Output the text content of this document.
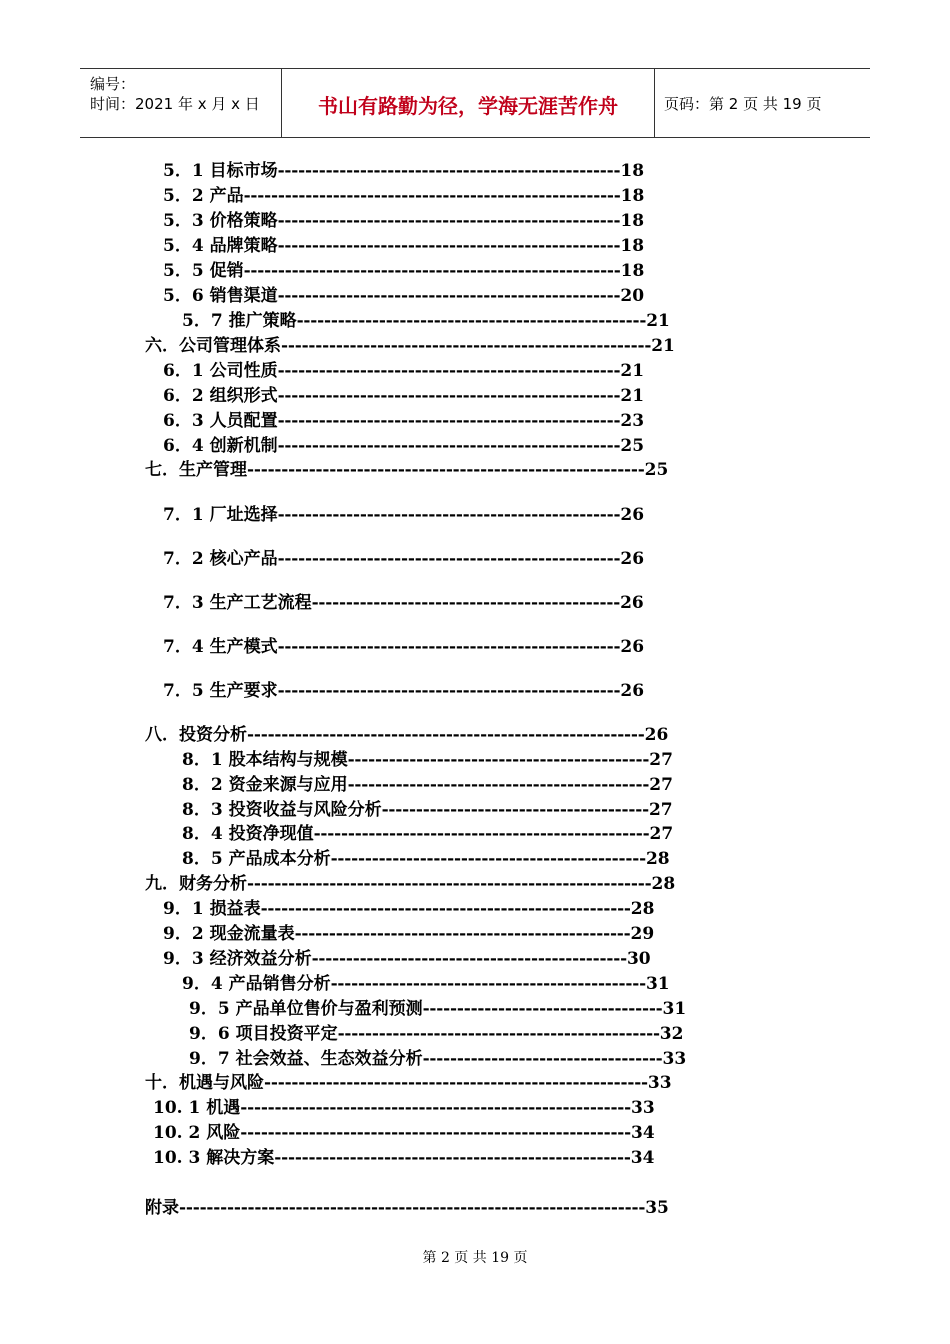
编号：
时间：2021 年 x 月 x 日	书山有路勤为径，学海无涯苦作舟	页码：第 2 页 共 19 页
5．1 目标市场--------------------------------------------------18
5．2 产品-------------------------------------------------------18
5．3 价格策略--------------------------------------------------18
5．4 品牌策略--------------------------------------------------18
5．5 促销-------------------------------------------------------18
5．6 销售渠道--------------------------------------------------20
5．7 推广策略---------------------------------------------------21
六．公司管理体系------------------------------------------------------21
6．1 公司性质--------------------------------------------------21
6．2 组织形式--------------------------------------------------21
6．3 人员配置--------------------------------------------------23
6．4 创新机制--------------------------------------------------25
七．生产管理----------------------------------------------------------25
7．1 厂址选择--------------------------------------------------26
7．2 核心产品--------------------------------------------------26
7．3 生产工艺流程---------------------------------------------26
7．4 生产模式--------------------------------------------------26
7．5 生产要求--------------------------------------------------26
八．投资分析----------------------------------------------------------26
8．1 股本结构与规模--------------------------------------------27
8．2 资金来源与应用--------------------------------------------27
8．3 投资收益与风险分析---------------------------------------27
8．4 投资净现值-------------------------------------------------27
8．5 产品成本分析----------------------------------------------28
九．财务分析-----------------------------------------------------------28
9．1 损益表------------------------------------------------------28
9．2 现金流量表-------------------------------------------------29
9．3 经济效益分析----------------------------------------------30
9．4 产品销售分析----------------------------------------------31
9．5 产品单位售价与盈利预测-----------------------------------31
9．6 项目投资平定-----------------------------------------------32
9．7 社会效益、生态效益分析-----------------------------------33
十．机遇与风险--------------------------------------------------------33
10. 1 机遇---------------------------------------------------------33
10. 2 风险---------------------------------------------------------34
10. 3 解决方案----------------------------------------------------34
附录--------------------------------------------------------------------35
第 2 页 共 19 页
